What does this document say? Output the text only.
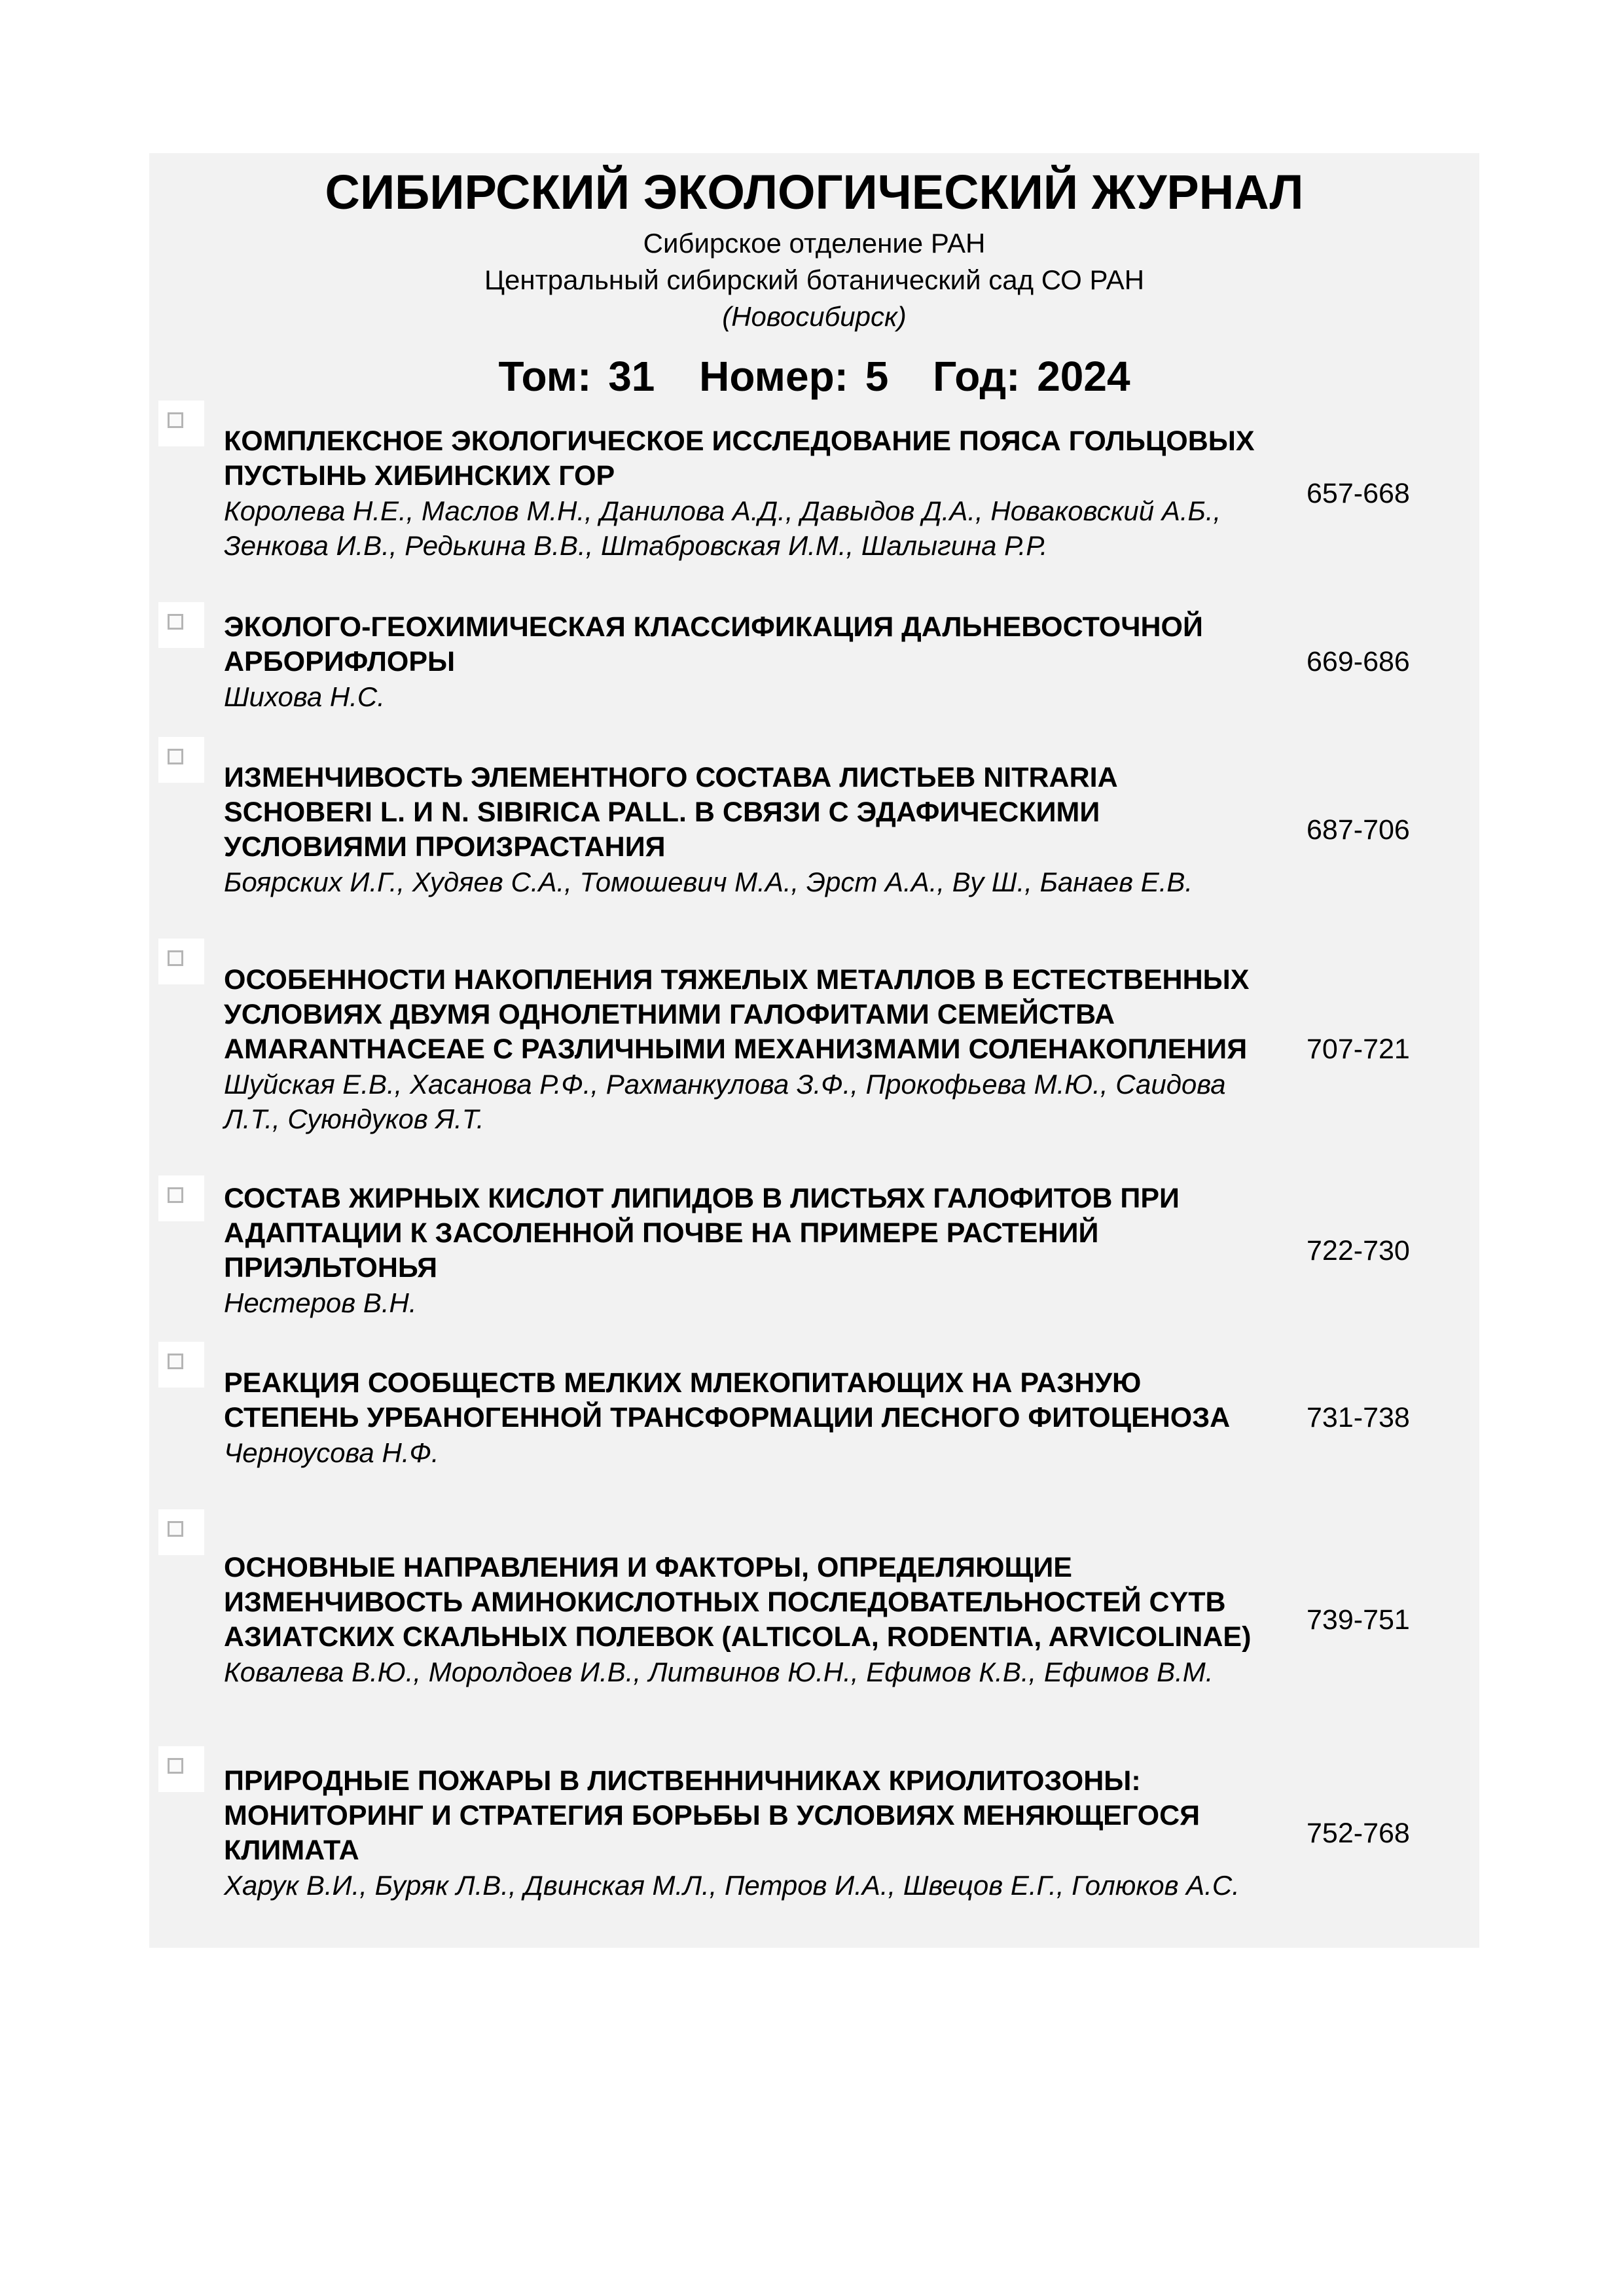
СИБИРСКИЙ ЭКОЛОГИЧЕСКИЙ ЖУРНАЛ
Сибирское отделение РАН
Центральный сибирский ботанический сад СО РАН
(Новосибирск)
Том: 31 Номер: 5 Год: 2024
КОМПЛЕКСНОЕ ЭКОЛОГИЧЕСКОЕ ИССЛЕДОВАНИЕ ПОЯСА ГОЛЬЦОВЫХ ПУСТЫНЬ ХИБИНСКИХ ГОР
Королева Н.Е., Маслов М.Н., Данилова А.Д., Давыдов Д.А., Новаковский А.Б., Зенкова И.В., Редькина В.В., Штабровская И.М., Шалыгина Р.Р.
657-668
ЭКОЛОГО-ГЕОХИМИЧЕСКАЯ КЛАССИФИКАЦИЯ ДАЛЬНЕВОСТОЧНОЙ АРБОРИФЛОРЫ
Шихова Н.С.
669-686
ИЗМЕНЧИВОСТЬ ЭЛЕМЕНТНОГО СОСТАВА ЛИСТЬЕВ NITRARIA SCHOBERI L. И N. SIBIRICA PALL. В СВЯЗИ С ЭДАФИЧЕСКИМИ УСЛОВИЯМИ ПРОИЗРАСТАНИЯ
Боярских И.Г., Худяев С.А., Томошевич М.А., Эрст А.А., Ву Ш., Банаев Е.В.
687-706
ОСОБЕННОСТИ НАКОПЛЕНИЯ ТЯЖЕЛЫХ МЕТАЛЛОВ В ЕСТЕСТВЕННЫХ УСЛОВИЯХ ДВУМЯ ОДНОЛЕТНИМИ ГАЛОФИТАМИ СЕМЕЙСТВА AMARANTHACEAE С РАЗЛИЧНЫМИ МЕХАНИЗМАМИ СОЛЕНАКОПЛЕНИЯ
Шуйская Е.В., Хасанова Р.Ф., Рахманкулова З.Ф., Прокофьева М.Ю., Саидова Л.Т., Суюндуков Я.Т.
707-721
СОСТАВ ЖИРНЫХ КИСЛОТ ЛИПИДОВ В ЛИСТЬЯХ ГАЛОФИТОВ ПРИ АДАПТАЦИИ К ЗАСОЛЕННОЙ ПОЧВЕ НА ПРИМЕРЕ РАСТЕНИЙ ПРИЭЛЬТОНЬЯ
Нестеров В.Н.
722-730
РЕАКЦИЯ СООБЩЕСТВ МЕЛКИХ МЛЕКОПИТАЮЩИХ НА РАЗНУЮ СТЕПЕНЬ УРБАНОГЕННОЙ ТРАНСФОРМАЦИИ ЛЕСНОГО ФИТОЦЕНОЗА
Черноусова Н.Ф.
731-738
ОСНОВНЫЕ НАПРАВЛЕНИЯ И ФАКТОРЫ, ОПРЕДЕЛЯЮЩИЕ ИЗМЕНЧИВОСТЬ АМИНОКИСЛОТНЫХ ПОСЛЕДОВАТЕЛЬНОСТЕЙ CYTB АЗИАТСКИХ СКАЛЬНЫХ ПОЛЕВОК (ALTICOLA, RODENTIA, ARVICOLINAE)
Ковалева В.Ю., Моролдоев И.В., Литвинов Ю.Н., Ефимов К.В., Ефимов В.М.
739-751
ПРИРОДНЫЕ ПОЖАРЫ В ЛИСТВЕННИЧНИКАХ КРИОЛИТОЗОНЫ: МОНИТОРИНГ И СТРАТЕГИЯ БОРЬБЫ В УСЛОВИЯХ МЕНЯЮЩЕГОСЯ КЛИМАТА
Харук В.И., Буряк Л.В., Двинская М.Л., Петров И.А., Швецов Е.Г., Голюков А.С.
752-768
